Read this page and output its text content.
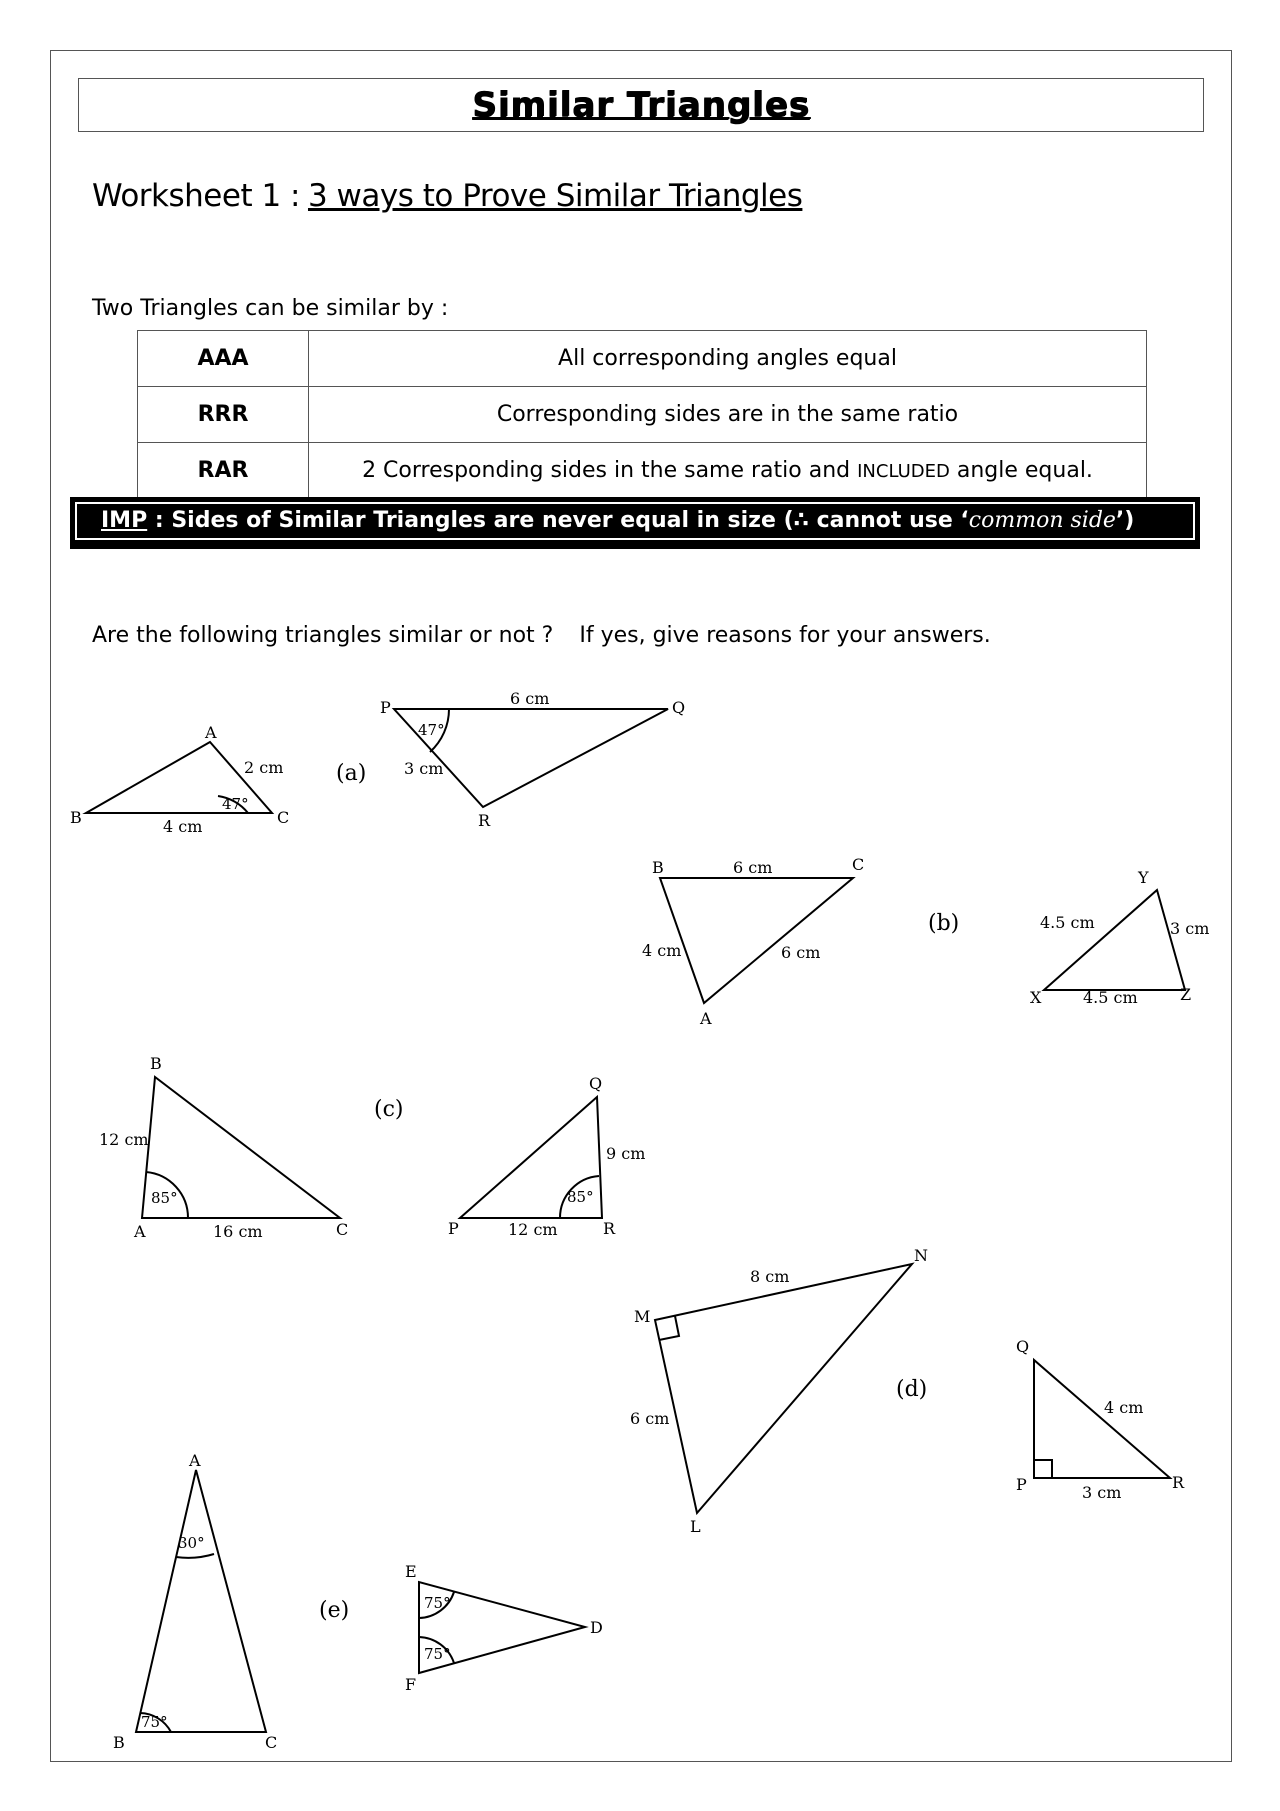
Similar Triangles
Worksheet 1 : 3 ways to Prove Similar Triangles
Two Triangles can be similar by :
AAA	All corresponding angles equal
RRR	Corresponding sides are in the same ratio
RAR	2 Corresponding sides in the same ratio and INCLUDED angle equal.
IMP : Sides of Similar Triangles are never equal in size (∴ cannot use ‘common side’)
Are the following triangles similar or not ? If yes, give reasons for your answers.
A
B	C
2 cm
4 cm
47°
(a)
P	Q
R
6 cm
3 cm
47°
B	C
A
6 cm
4 cm	6 cm
(b)
Y
X	Z
4.5 cm	3 cm
4.5 cm
B
A	C
12 cm
16 cm
85°
(c)
Q
P	R
9 cm
12 cm
85°
M
N
L
8 cm
6 cm
(d)
Q
P	R
4 cm
3 cm
A
B	C
30°
75°
(e)
E
F
D
75°
75°
